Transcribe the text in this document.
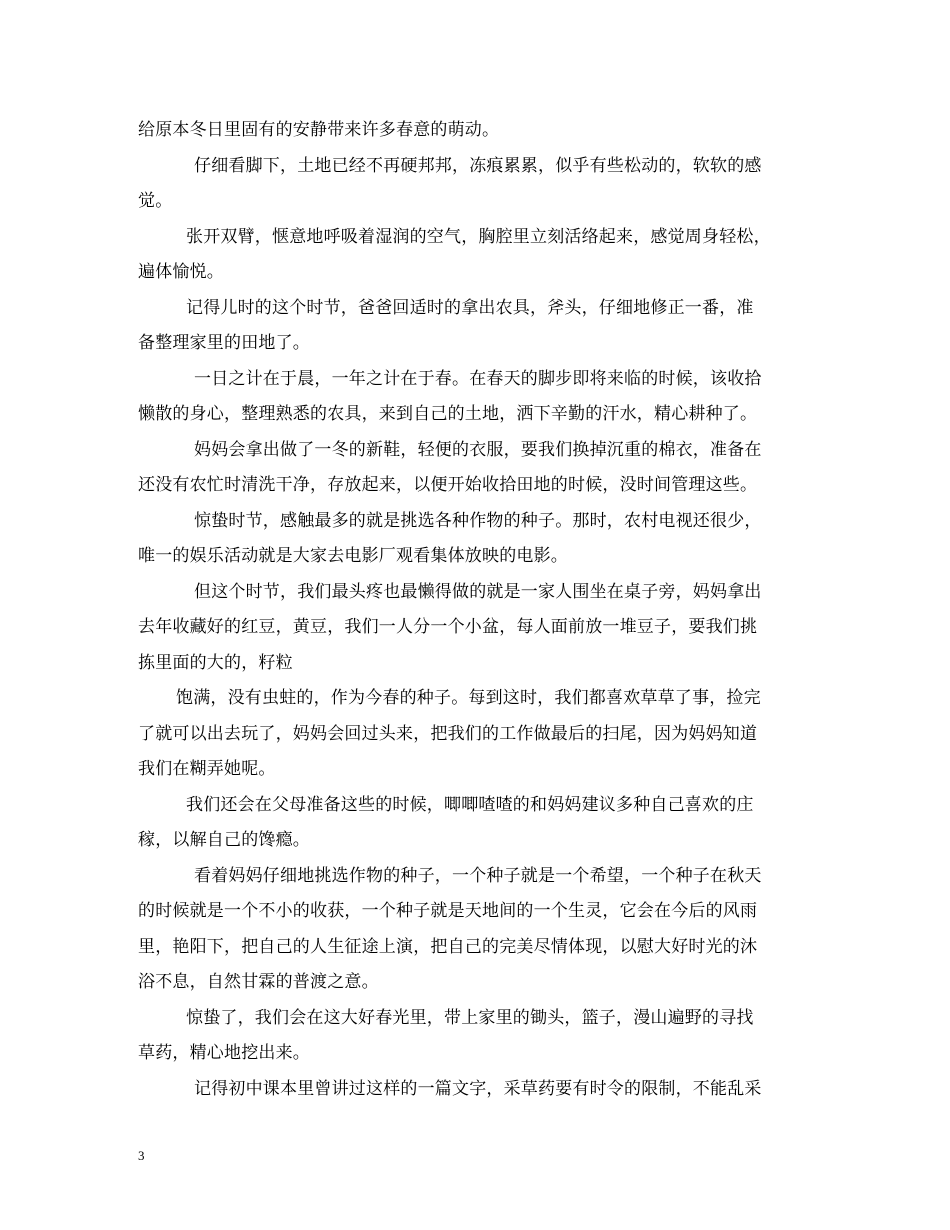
给原本冬日里固有的安静带来许多春意的萌动。
仔细看脚下，土地已经不再硬邦邦，冻痕累累，似乎有些松动的，软软的感
觉。
张开双臂，惬意地呼吸着湿润的空气，胸腔里立刻活络起来，感觉周身轻松，
遍体愉悦。
记得儿时的这个时节，爸爸回适时的拿出农具，斧头，仔细地修正一番，准
备整理家里的田地了。
一日之计在于晨，一年之计在于春。在春天的脚步即将来临的时候，该收拾
懒散的身心，整理熟悉的农具，来到自己的土地，洒下辛勤的汗水，精心耕种了。
妈妈会拿出做了一冬的新鞋，轻便的衣服，要我们换掉沉重的棉衣，准备在
还没有农忙时清洗干净，存放起来，以便开始收拾田地的时候，没时间管理这些。
惊蛰时节，感触最多的就是挑选各种作物的种子。那时，农村电视还很少，
唯一的娱乐活动就是大家去电影厂观看集体放映的电影。
但这个时节，我们最头疼也最懒得做的就是一家人围坐在桌子旁，妈妈拿出
去年收藏好的红豆，黄豆，我们一人分一个小盆，每人面前放一堆豆子，要我们挑
拣里面的大的，籽粒
饱满，没有虫蛀的，作为今春的种子。每到这时，我们都喜欢草草了事，捡完
了就可以出去玩了，妈妈会回过头来，把我们的工作做最后的扫尾，因为妈妈知道
我们在糊弄她呢。
我们还会在父母准备这些的时候，唧唧喳喳的和妈妈建议多种自己喜欢的庄
稼，以解自己的馋瘾。
看着妈妈仔细地挑选作物的种子，一个种子就是一个希望，一个种子在秋天
的时候就是一个不小的收获，一个种子就是天地间的一个生灵，它会在今后的风雨
里，艳阳下，把自己的人生征途上演，把自己的完美尽情体现，以慰大好时光的沐
浴不息，自然甘霖的普渡之意。
惊蛰了，我们会在这大好春光里，带上家里的锄头，篮子，漫山遍野的寻找
草药，精心地挖出来。
记得初中课本里曾讲过这样的一篇文字，采草药要有时令的限制，不能乱采
3
